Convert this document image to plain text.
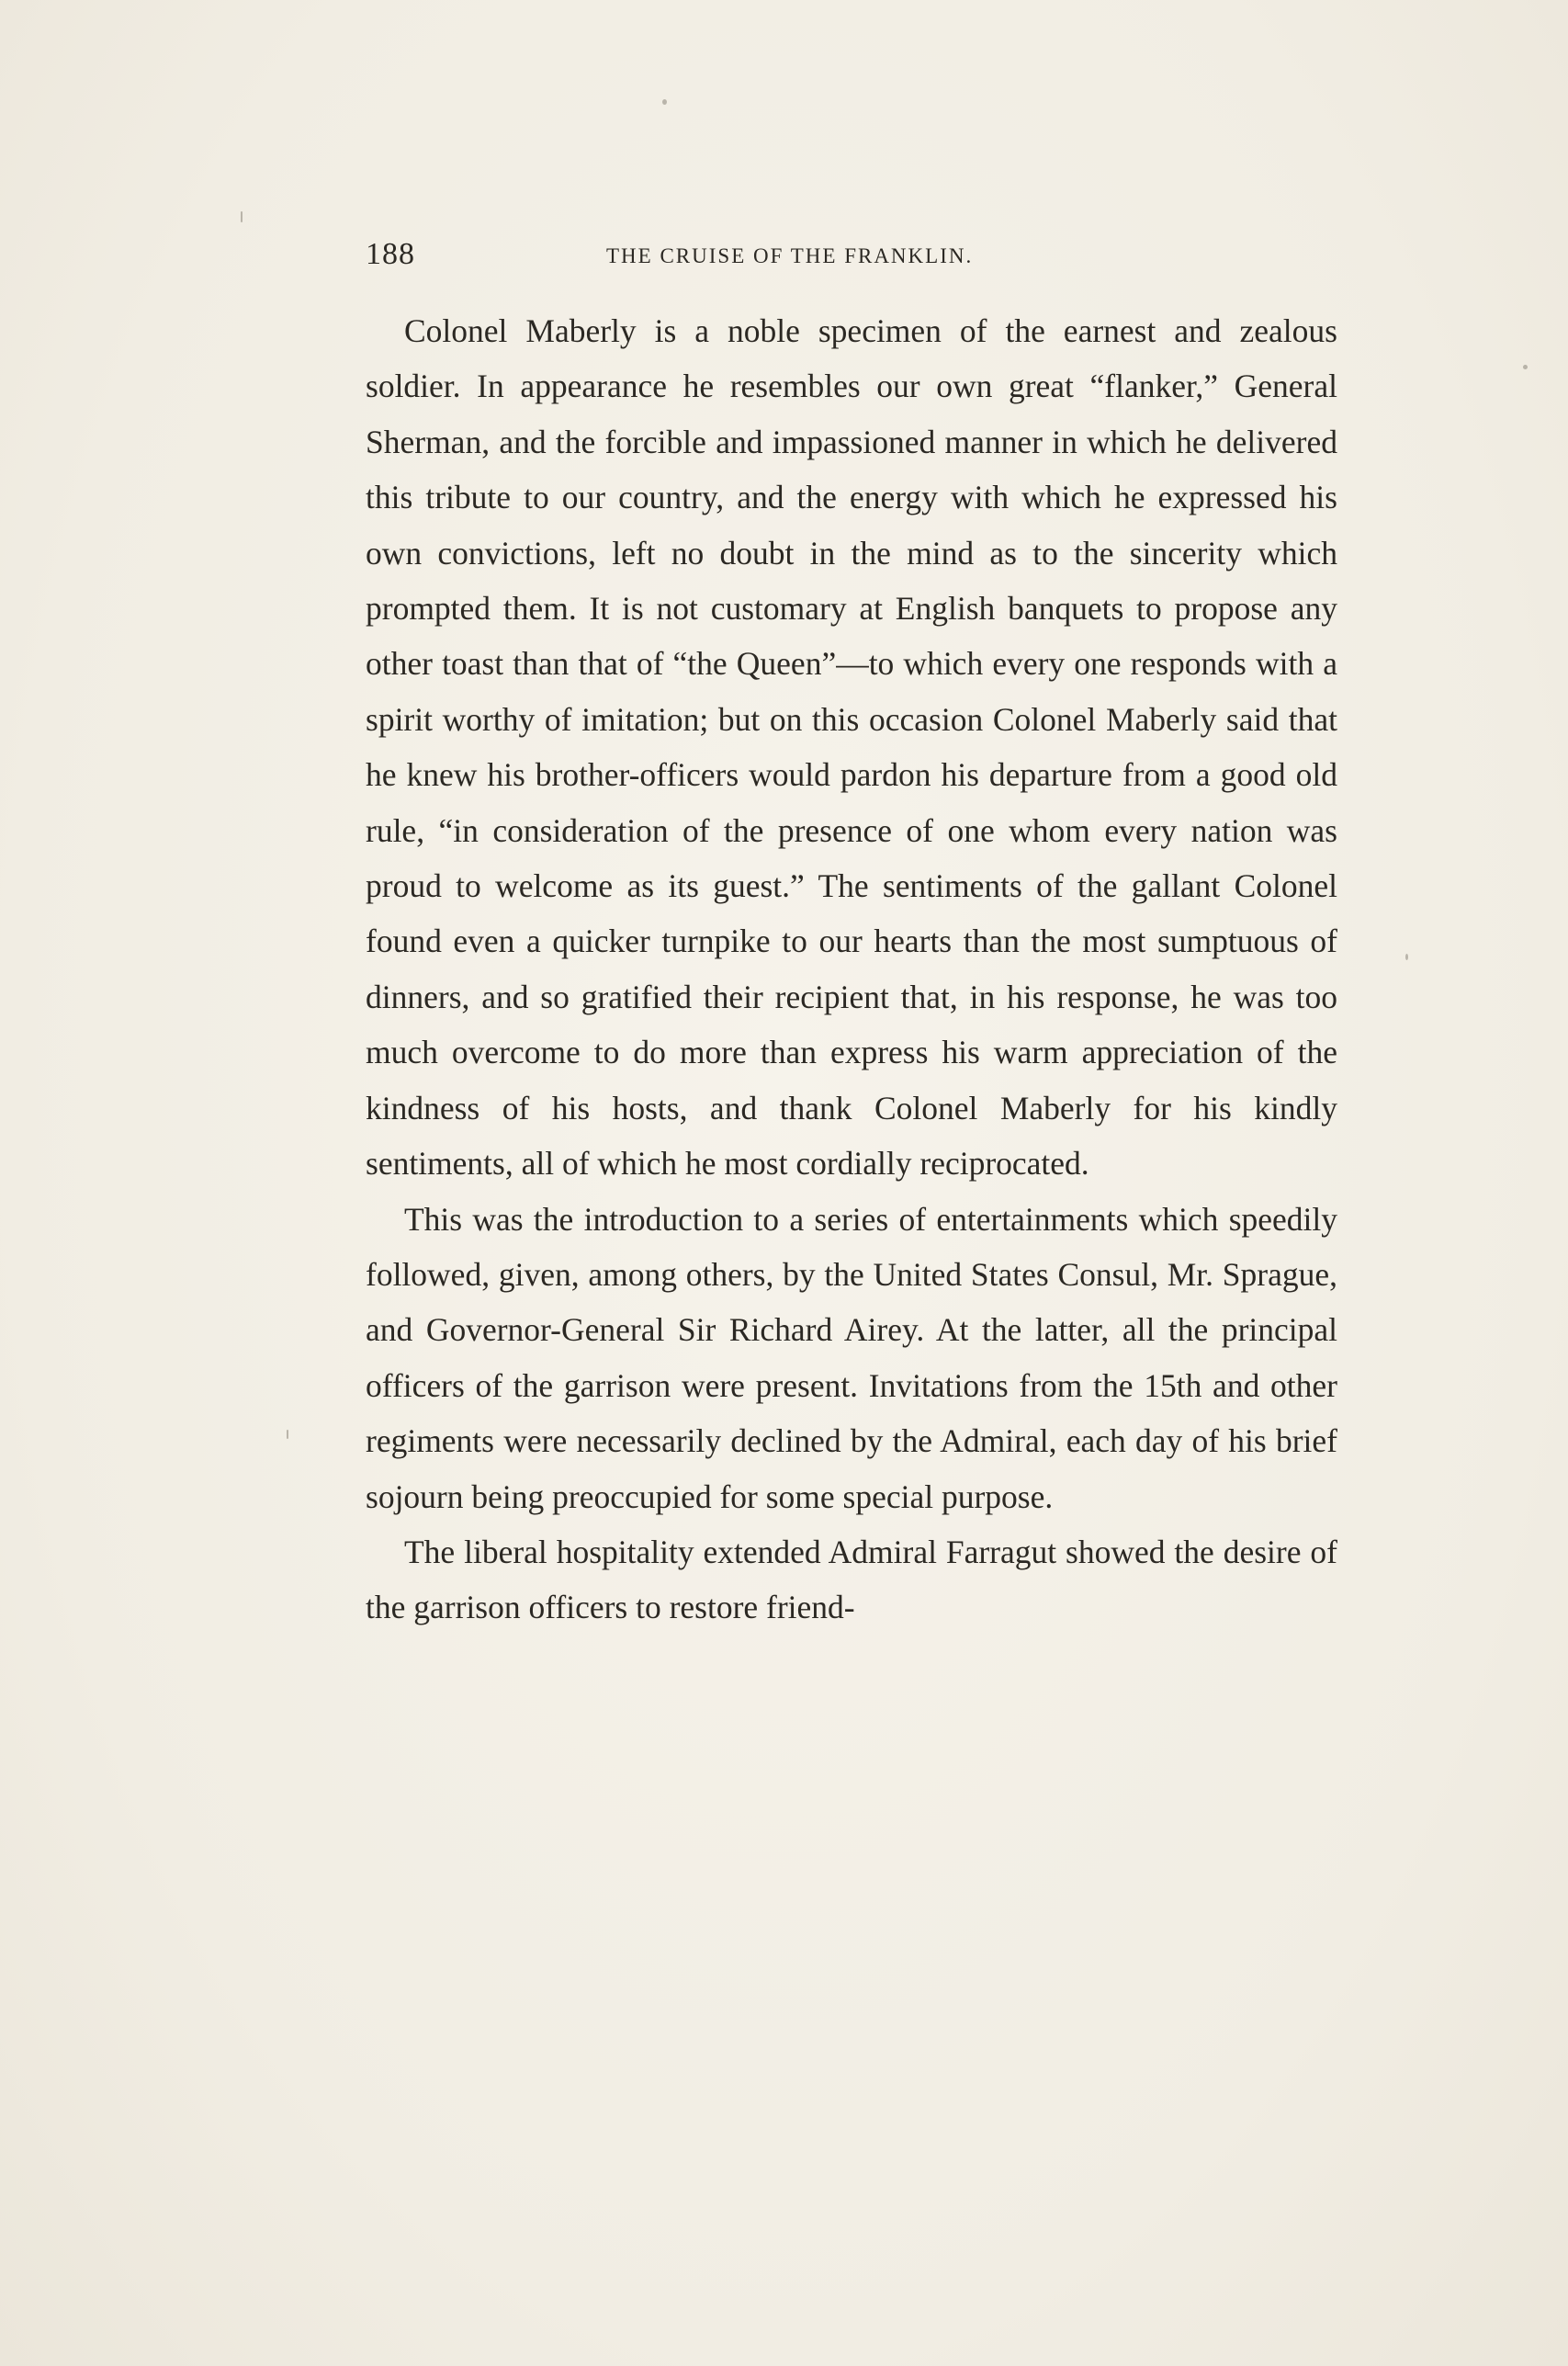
188	THE CRUISE OF THE FRANKLIN.

Colonel Maberly is a noble specimen of the earnest and zealous soldier. In appearance he resembles our own great “flanker,” General Sherman, and the forcible and impassioned manner in which he delivered this tribute to our country, and the energy with which he expressed his own convictions, left no doubt in the mind as to the sincerity which prompted them. It is not customary at English banquets to propose any other toast than that of “the Queen”—to which every one responds with a spirit worthy of imitation; but on this occasion Colonel Maberly said that he knew his brother-officers would pardon his departure from a good old rule, “in consideration of the presence of one whom every nation was proud to welcome as its guest.” The sentiments of the gallant Colonel found even a quicker turnpike to our hearts than the most sumptuous of dinners, and so gratified their recipient that, in his response, he was too much overcome to do more than express his warm appreciation of the kindness of his hosts, and thank Colonel Maberly for his kindly sentiments, all of which he most cordially reciprocated.

This was the introduction to a series of entertainments which speedily followed, given, among others, by the United States Consul, Mr. Sprague, and Governor-General Sir Richard Airey. At the latter, all the principal officers of the garrison were present. Invitations from the 15th and other regiments were necessarily declined by the Admiral, each day of his brief sojourn being preoccupied for some special purpose.

The liberal hospitality extended Admiral Farragut showed the desire of the garrison officers to restore friend-
